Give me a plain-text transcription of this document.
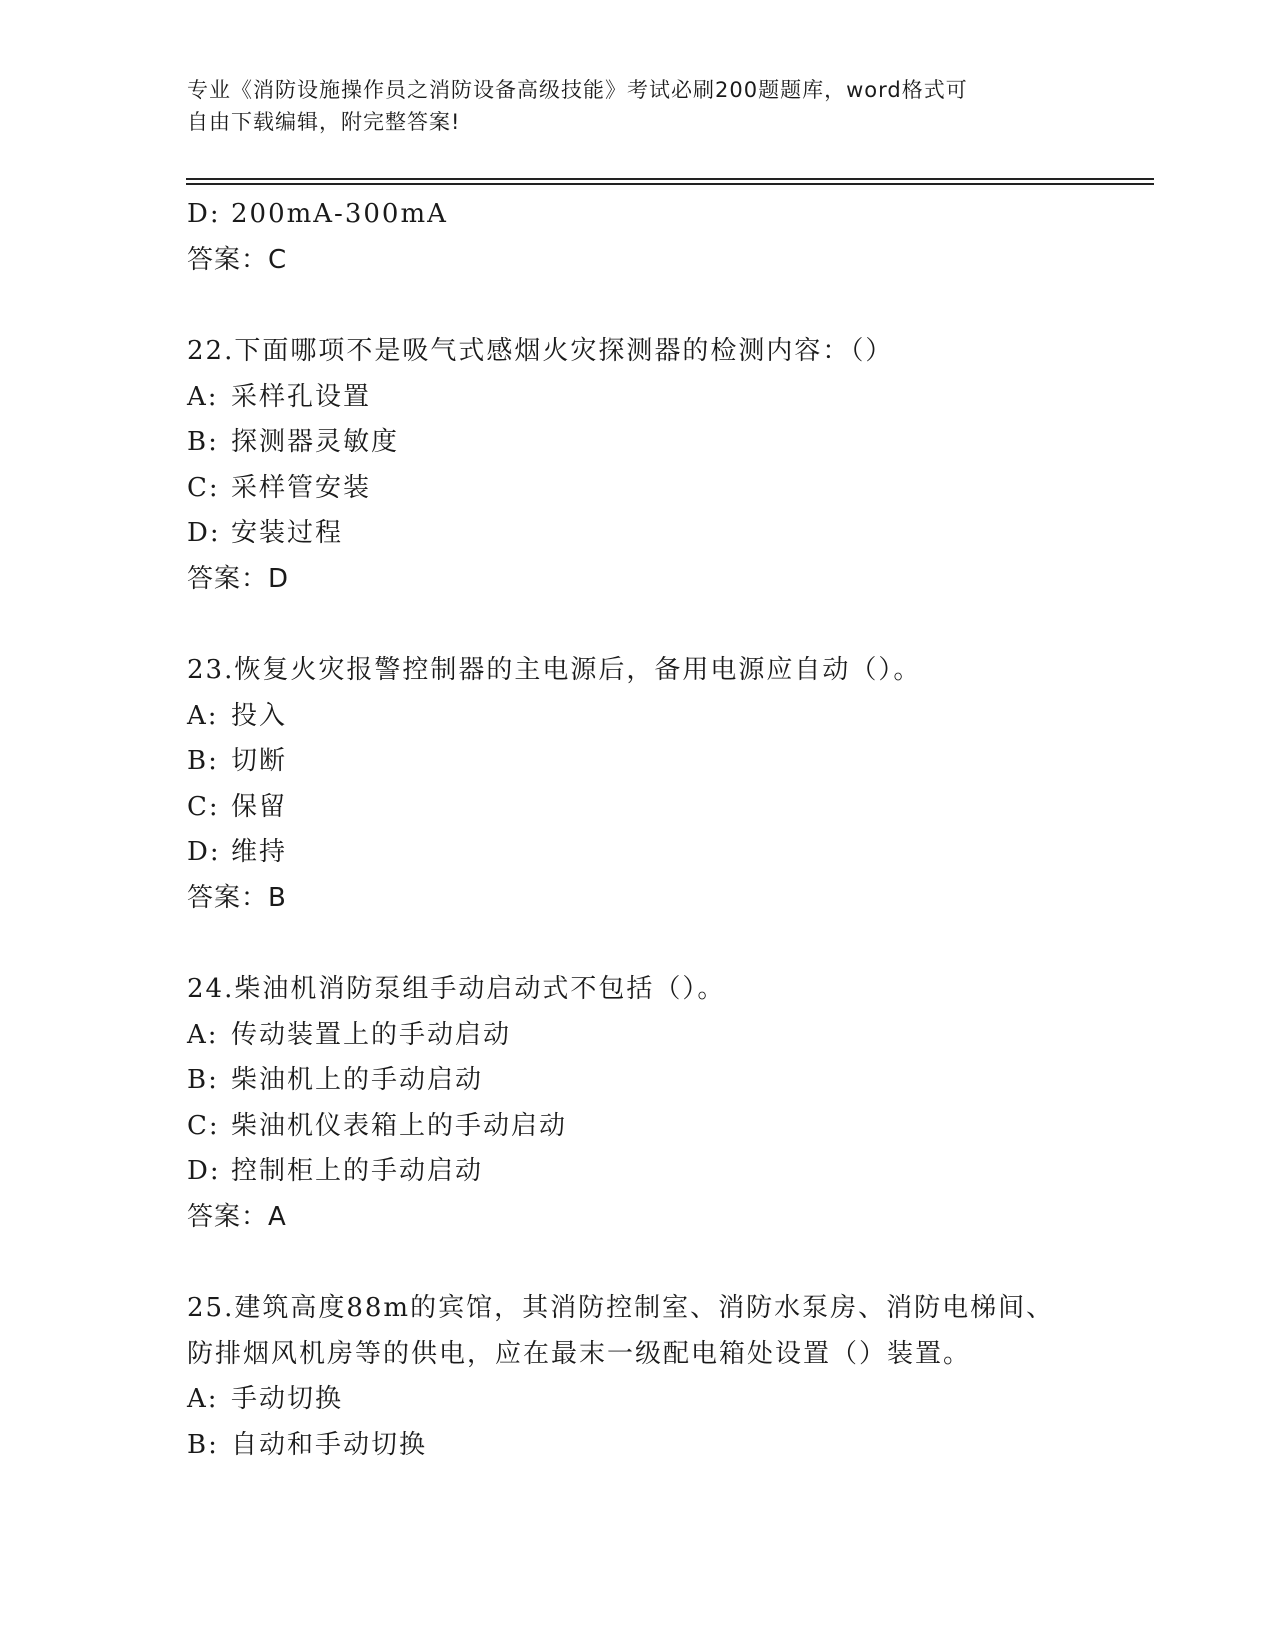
专业《消防设施操作员之消防设备高级技能》考试必刷200题题库，word格式可
自由下载编辑，附完整答案!
D: 200mA-300mA
答案：C
22.下面哪项不是吸气式感烟火灾探测器的检测内容：（）
A: 采样孔设置
B: 探测器灵敏度
C: 采样管安装
D: 安装过程
答案：D
23.恢复火灾报警控制器的主电源后，备用电源应自动（）。
A: 投入
B: 切断
C: 保留
D: 维持
答案：B
24.柴油机消防泵组手动启动式不包括（）。
A: 传动装置上的手动启动
B: 柴油机上的手动启动
C: 柴油机仪表箱上的手动启动
D: 控制柜上的手动启动
答案：A
25.建筑高度88m的宾馆，其消防控制室、消防水泵房、消防电梯间、
防排烟风机房等的供电，应在最末一级配电箱处设置（）装置。
A: 手动切换
B: 自动和手动切换
